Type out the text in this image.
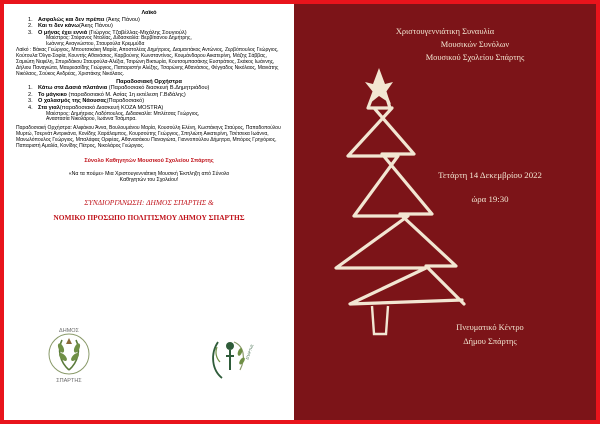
Λαϊκό

1. Ασφαλώς και δεν πρέπει (Άκης Πάνου)

2. Και τι δεν κάνω(Άκης Πάνου)

3. Ο μήνας έχει εννιά (Γιώργος Τζαβέλλας-Μιχάλης Σουγιούλ)

Μαέστρος: Στέφανος Νταλίας, Διδασκαλία: Βερβίτιανου Δημήτρης,

Ιωάννης Αναγνώστου, Σταυρούλα Κρεμμύδα

Λαϊκό : Βάκας Γεώργιος, Μπουτσικάκη Μαρία, Αποστολέας Δημήτριος, Διαμαντάκος Αντώνιος, Ζερβόπουλος Γεώργιος, Κούτουλα Όλγα-Σοφία, Κουντής Αθανάσιος, Καρβούνης Κωνσταντίνος, Κουμάνδαρου Αικατερίνη, Μάζης Σάββας, Σαμιώτη Νεφέλη, Σπυριδάκου Σταυρούλα-Αλέξια, Τσιρώνη Βικτωρία, Κουτσομπασάκης Ευστράτιος, Σκάκος Ιωάννης, Δήλιου Παναγιώτα, Μαυρεασίδης Γεώργιος, Παπαριστήν Αλέξης, Τσαρώνης Αθανάσιος, Φέγγαδος Νικόλαος, Μανιάτης Νικόλαος, Σούκος Ανδρέας, Χριστάκης Νικόλαος.

Παραδοσιακή Ορχήστρα

1. Κάτω στα Δασιά πλατάνια (Παραδοσιακό διασκευή Β.Δημητριάδου)

2. Το μάγκικο (παραδοσιακό Μ. Ασίας 1η εκτέλεση Γ.Βιδάλης)

3. Ο χαλασμός της Νάουσας(Παραδοσιακό)

4. Στα γιαλ(παραδοσιακό Διασκευή KOZA MOSTRA)

Μαέστρος: Δημήτριος Λαδόπουλος, Διδασκαλία: Μπλέτσας Γεώργιος,

Αναστασία Νικολάρου, Ιωάννα Τσάμπρα.

Παραδοσιακή Ορχήστρα: Αλιφάκου Άννα, Βουλουμάνου Μαρία, Κουσούλη Ελένη, Κωστάκηνς Σταύρος, Παπαδοπούλου Μυρτώ, Τσερνάτ Αντρικάνα, Κονίδης Χαράλαμπος, Κουρσούτης Γεώργιος, Σπηλιώτη Αικατερίνη, Τσέτσεκα Ιωάννα, Μανωλόπουλος Γεώργιος, Μπαλάφας Ορφέας, Αθανασάκου Παναγιώτα, Γιαννοπούλου Δήμητρα, Μπόρος Γρηγόριος, Παπαριστή Αμαλία, Κονίδης Πέτρος, Νικολάρος Γεώργιος.

Σύνολο Καθηγητών Μουσικού Σχολείου Σπάρτης

«Να τα πούμε» Μια Χριστουγεννιάτικη Μουσική Έκπληξη από Σύνολο

Καθηγητών του Σχολείου!

ΣΥΝΔΙΟΡΓΑΝΩΣΗ: ΔΗΜΟΣ ΣΠΑΡΤΗΣ &

ΝΟΜΙΚΟ ΠΡΟΣΩΠΟ ΠΟΛΙΤΙΣΜΟΥ ΔΗΜΟΥ ΣΠΑΡΤΗΣ

ΔΗΜΟΣ
ΣΠΑΡΤΗΣ
ΣΠΑΡΤΗΣ
Χριστουγεννιάτικη Συναυλία
Μουσικών Συνόλων
Μουσικού Σχολείου Σπάρτης
Τετάρτη 14 Δεκεμβρίου 2022
ώρα 19:30
Πνευματικό Κέντρο
Δήμου Σπάρτης
